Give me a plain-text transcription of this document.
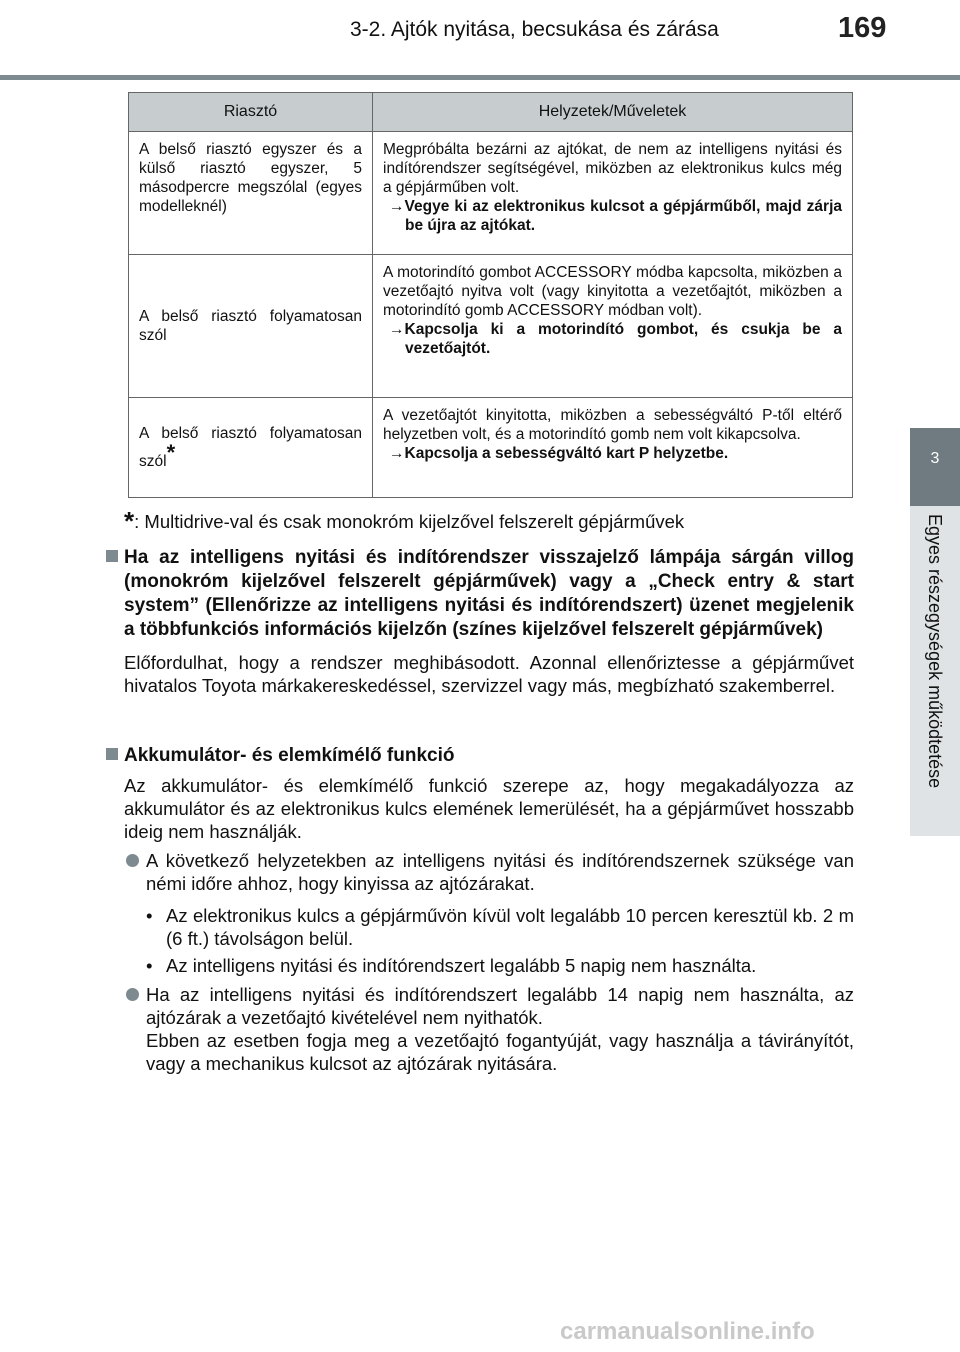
3-2. Ajtók nyitása, becsukása és zárása	169
3
Egyes részegységek működtetése
Riasztó	Helyzetek/Műveletek
A belső riasztó egyszer és a külső riasztó egyszer, 5 másodpercre megszólal (egyes modelleknél)	Megpróbálta bezárni az ajtókat, de nem az intelligens nyitási és indítórendszer segítségével, miközben az elektronikus kulcs még a gépjárműben volt.
→Vegye ki az elektronikus kulcsot a gépjárműből, majd zárja be újra az ajtókat.

A belső riasztó folyamatosan szól	A motorindító gombot ACCESSORY módba kapcsolta, miközben a vezetőajtó nyitva volt (vagy kinyitotta a vezetőajtót, miközben a motorindító gomb ACCESSORY módban volt).
→Kapcsolja ki a motorindító gombot, és csukja be a vezetőajtót.

A belső riasztó folyamatosan szól*	A vezetőajtót kinyitotta, miközben a sebességváltó P-től eltérő helyzetben volt, és a motorindító gomb nem volt kikapcsolva.
→Kapcsolja a sebességváltó kart P helyzetbe.
*: Multidrive-val és csak monokróm kijelzővel felszerelt gépjárművek
Ha az intelligens nyitási és indítórendszer visszajelző lámpája sárgán villog (monokróm kijelzővel felszerelt gépjárművek) vagy a „Check entry & start system” (Ellenőrizze az intelligens nyitási és indítórendszert) üzenet megjelenik a többfunkciós információs kijelzőn (színes kijelzővel felszerelt gépjárművek)
Előfordulhat, hogy a rendszer meghibásodott. Azonnal ellenőriztesse a gépjárművet hivatalos Toyota márkakereskedéssel, szervizzel vagy más, megbízható szakemberrel.
Akkumulátor- és elemkímélő funkció
Az akkumulátor- és elemkímélő funkció szerepe az, hogy megakadályozza az akkumulátor és az elektronikus kulcs elemének lemerülését, ha a gépjárművet hosszabb ideig nem használják.
A következő helyzetekben az intelligens nyitási és indítórendszernek szüksége van némi időre ahhoz, hogy kinyissa az ajtózárakat.
• Az elektronikus kulcs a gépjárművön kívül volt legalább 10 percen keresztül kb. 2 m (6 ft.) távolságon belül.
• Az intelligens nyitási és indítórendszert legalább 5 napig nem használta.
Ha az intelligens nyitási és indítórendszert legalább 14 napig nem használta, az ajtózárak a vezetőajtó kivételével nem nyithatók.
Ebben az esetben fogja meg a vezetőajtó fogantyúját, vagy használja a távirányítót, vagy a mechanikus kulcsot az ajtózárak nyitására.
carmanualsonline.info
